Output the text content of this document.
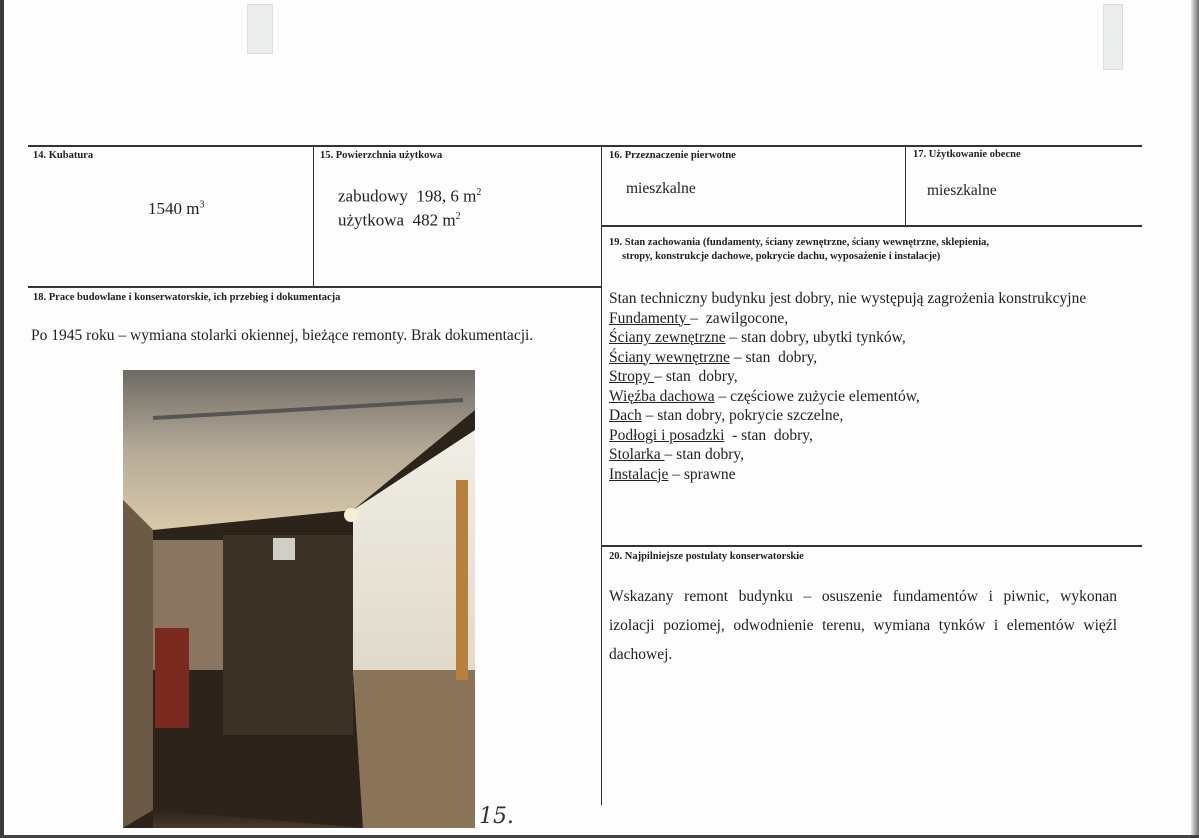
14. Kubatura
1540 $m^3$
15. Powierzchnia użytkowa
zabudowy  198, 6 $m^2$
użytkowa  482 $m^2$
16. Przeznaczenie pierwotne
mieszkalne
17. Użytkowanie obecne
mieszkalne
18. Prace budowlane i konserwatorskie, ich przebieg i dokumentacja
Po 1945 roku – wymiana stolarki okiennej, bieżące remonty. Brak dokumentacji.
15.
19. Stan zachowania (fundamenty, ściany zewnętrzne, ściany wewnętrzne, sklepienia,
stropy, konstrukcje dachowe, pokrycie dachu, wyposażenie i instalacje)
Stan techniczny budynku jest dobry, nie występują zagrożenia konstrukcyjne
Fundamenty –  zawilgocone,
Ściany zewnętrzne – stan dobry, ubytki tynków,
Ściany wewnętrzne – stan  dobry,
Stropy – stan  dobry,
Więźba dachowa – częściowe zużycie elementów,
Dach – stan dobry, pokrycie szczelne,
Podłogi i posadzki  - stan  dobry,
Stolarka – stan dobry,
Instalacje – sprawne
20. Najpilniejsze postulaty konserwatorskie
Wskazany remont budynku – osuszenie fundamentów i piwnic, wykonan
izolacji poziomej, odwodnienie terenu, wymiana tynków i elementów więźl
dachowej.
